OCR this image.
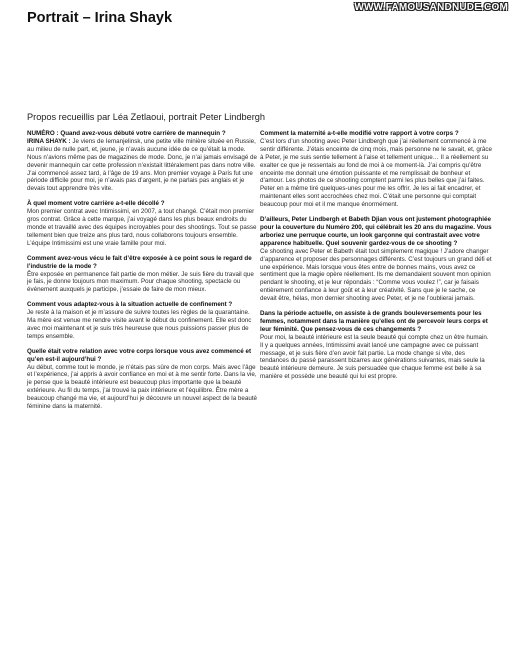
Portrait – Irina Shayk
WWW.FAMOUSANDNUDE.COM
Propos recueillis par Léa Zetlaoui, portrait Peter Lindbergh

NUMÉRO : Quand avez-vous débuté votre carrière de mannequin ?

IRINA SHAYK : Je viens de Iemanjelinsk, une petite ville minière située en Russie, au milieu de nulle part, et, jeune, je n’avais aucune idée de ce qu’était la mode. Nous n’avions même pas de magazines de mode. Donc, je n’ai jamais envisagé de devenir mannequin car cette profession n’existait littéralement pas dans notre ville. J’ai commencé assez tard, à l’âge de 19 ans. Mon premier voyage à Paris fut une période difficile pour moi, je n’avais pas d’argent, je ne parlais pas anglais et je devais tout apprendre très vite.

À quel moment votre carrière a-t-elle décollé ?

Mon premier contrat avec Intimissimi, en 2007, a tout changé. C’était mon premier gros contrat. Grâce à cette marque, j’ai voyagé dans les plus beaux endroits du monde et travaillé avec des équipes incroyables pour des shootings. Tout se passe tellement bien que treize ans plus tard, nous collaborons toujours ensemble. L’équipe Intimissimi est une vraie famille pour moi.

Comment avez-vous vécu le fait d’être exposée à ce point sous le regard de l’industrie de la mode ?

Être exposée en permanence fait partie de mon métier. Je suis fière du travail que je fais, je donne toujours mon maximum. Pour chaque shooting, spectacle ou événement auxquels je participe, j’essaie de faire de mon mieux.

Comment vous adaptez-vous à la situation actuelle de confinement ?

Je reste à la maison et je m’assure de suivre toutes les règles de la quarantaine. Ma mère est venue me rendre visite avant le début du confinement. Elle est donc avec moi maintenant et je suis très heureuse que nous puissions passer plus de temps ensemble.

Quelle était votre relation avec votre corps lorsque vous avez commencé et qu’en est-il aujourd’hui ?

Au début, comme tout le monde, je n’étais pas sûre de mon corps. Mais avec l’âge et l’expérience, j’ai appris à avoir confiance en moi et à me sentir forte. Dans la vie, je pense que la beauté intérieure est beaucoup plus importante que la beauté extérieure. Au fil du temps, j’ai trouvé la paix intérieure et l’équilibre. Être mère a beaucoup changé ma vie, et aujourd’hui je découvre un nouvel aspect de la beauté féminine dans la maternité.

Comment la maternité a-t-elle modifié votre rapport à votre corps ?

C’est lors d’un shooting avec Peter Lindbergh que j’ai réellement commencé à me sentir différente. J’étais enceinte de cinq mois, mais personne ne le savait, et, grâce à Peter, je me suis sentie tellement à l’aise et tellement unique… Il a réellement su exalter ce que je ressentais au fond de moi à ce moment-là. J’ai compris qu’être enceinte me donnait une émotion puissante et me remplissait de bonheur et d’amour. Les photos de ce shooting comptent parmi les plus belles que j’ai faites. Peter en a même tiré quelques-unes pour me les offrir. Je les ai fait encadrer, et maintenant elles sont accrochées chez moi. C’était une personne qui comptait beaucoup pour moi et il me manque énormément.

D’ailleurs, Peter Lindbergh et Babeth Djian vous ont justement photographiée pour la couverture du Numéro 200, qui célébrait les 20 ans du magazine. Vous arboriez une perruque courte, un look garçonne qui contrastait avec votre apparence habituelle. Quel souvenir gardez-vous de ce shooting ?

Ce shooting avec Peter et Babeth était tout simplement magique ! J’adore changer d’apparence et proposer des personnages différents. C’est toujours un grand défi et une expérience. Mais lorsque vous êtes entre de bonnes mains, vous avez ce sentiment que la magie opère réellement. Ils me demandaient souvent mon opinion pendant le shooting, et je leur répondais : “Comme vous voulez !”, car je faisais entièrement confiance à leur goût et à leur créativité. Sans que je le sache, ce devait être, hélas, mon dernier shooting avec Peter, et je ne l’oublierai jamais.

Dans la période actuelle, on assiste à de grands bouleversements pour les femmes, notamment dans la manière qu’elles ont de percevoir leurs corps et leur féminité. Que pensez-vous de ces changements ?

Pour moi, la beauté intérieure est la seule beauté qui compte chez un être humain. Il y a quelques années, Intimissimi avait lancé une campagne avec ce puissant message, et je suis fière d’en avoir fait partie. La mode change si vite, des tendances du passé paraissent bizarres aux générations suivantes, mais seule la beauté intérieure demeure. Je suis persuadée que chaque femme est belle à sa manière et possède une beauté qui lui est propre.
